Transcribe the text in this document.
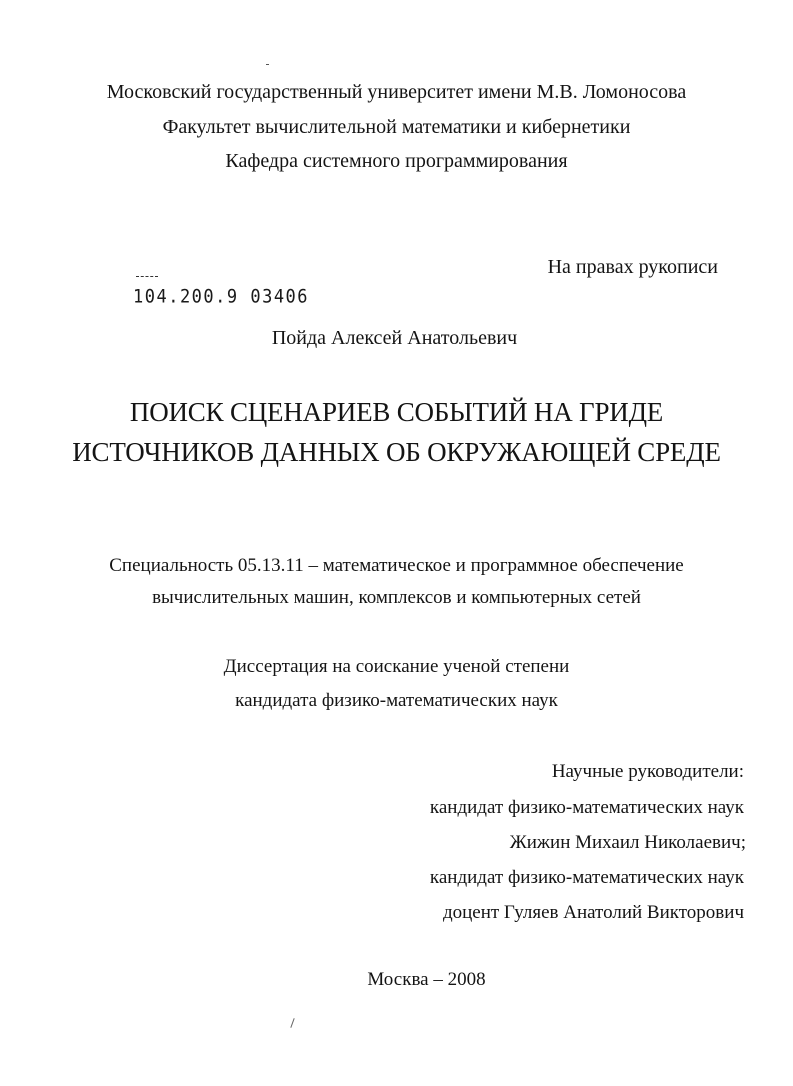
Московский государственный университет имени М.В. Ломоносова
Факультет вычислительной математики и кибернетики
Кафедра системного программирования
На правах рукописи
104.200.9 03406
Пойда Алексей Анатольевич
ПОИСК СЦЕНАРИЕВ СОБЫТИЙ НА ГРИДЕ
ИСТОЧНИКОВ ДАННЫХ ОБ ОКРУЖАЮЩЕЙ СРЕДЕ
Специальность 05.13.11 – математическое и программное обеспечение
вычислительных машин, комплексов и компьютерных сетей
Диссертация на соискание ученой степени
кандидата физико-математических наук
Научные руководители:
кандидат физико-математических наук
Жижин Михаил Николаевич;
кандидат физико-математических наук
доцент Гуляев Анатолий Викторович
Москва – 2008
